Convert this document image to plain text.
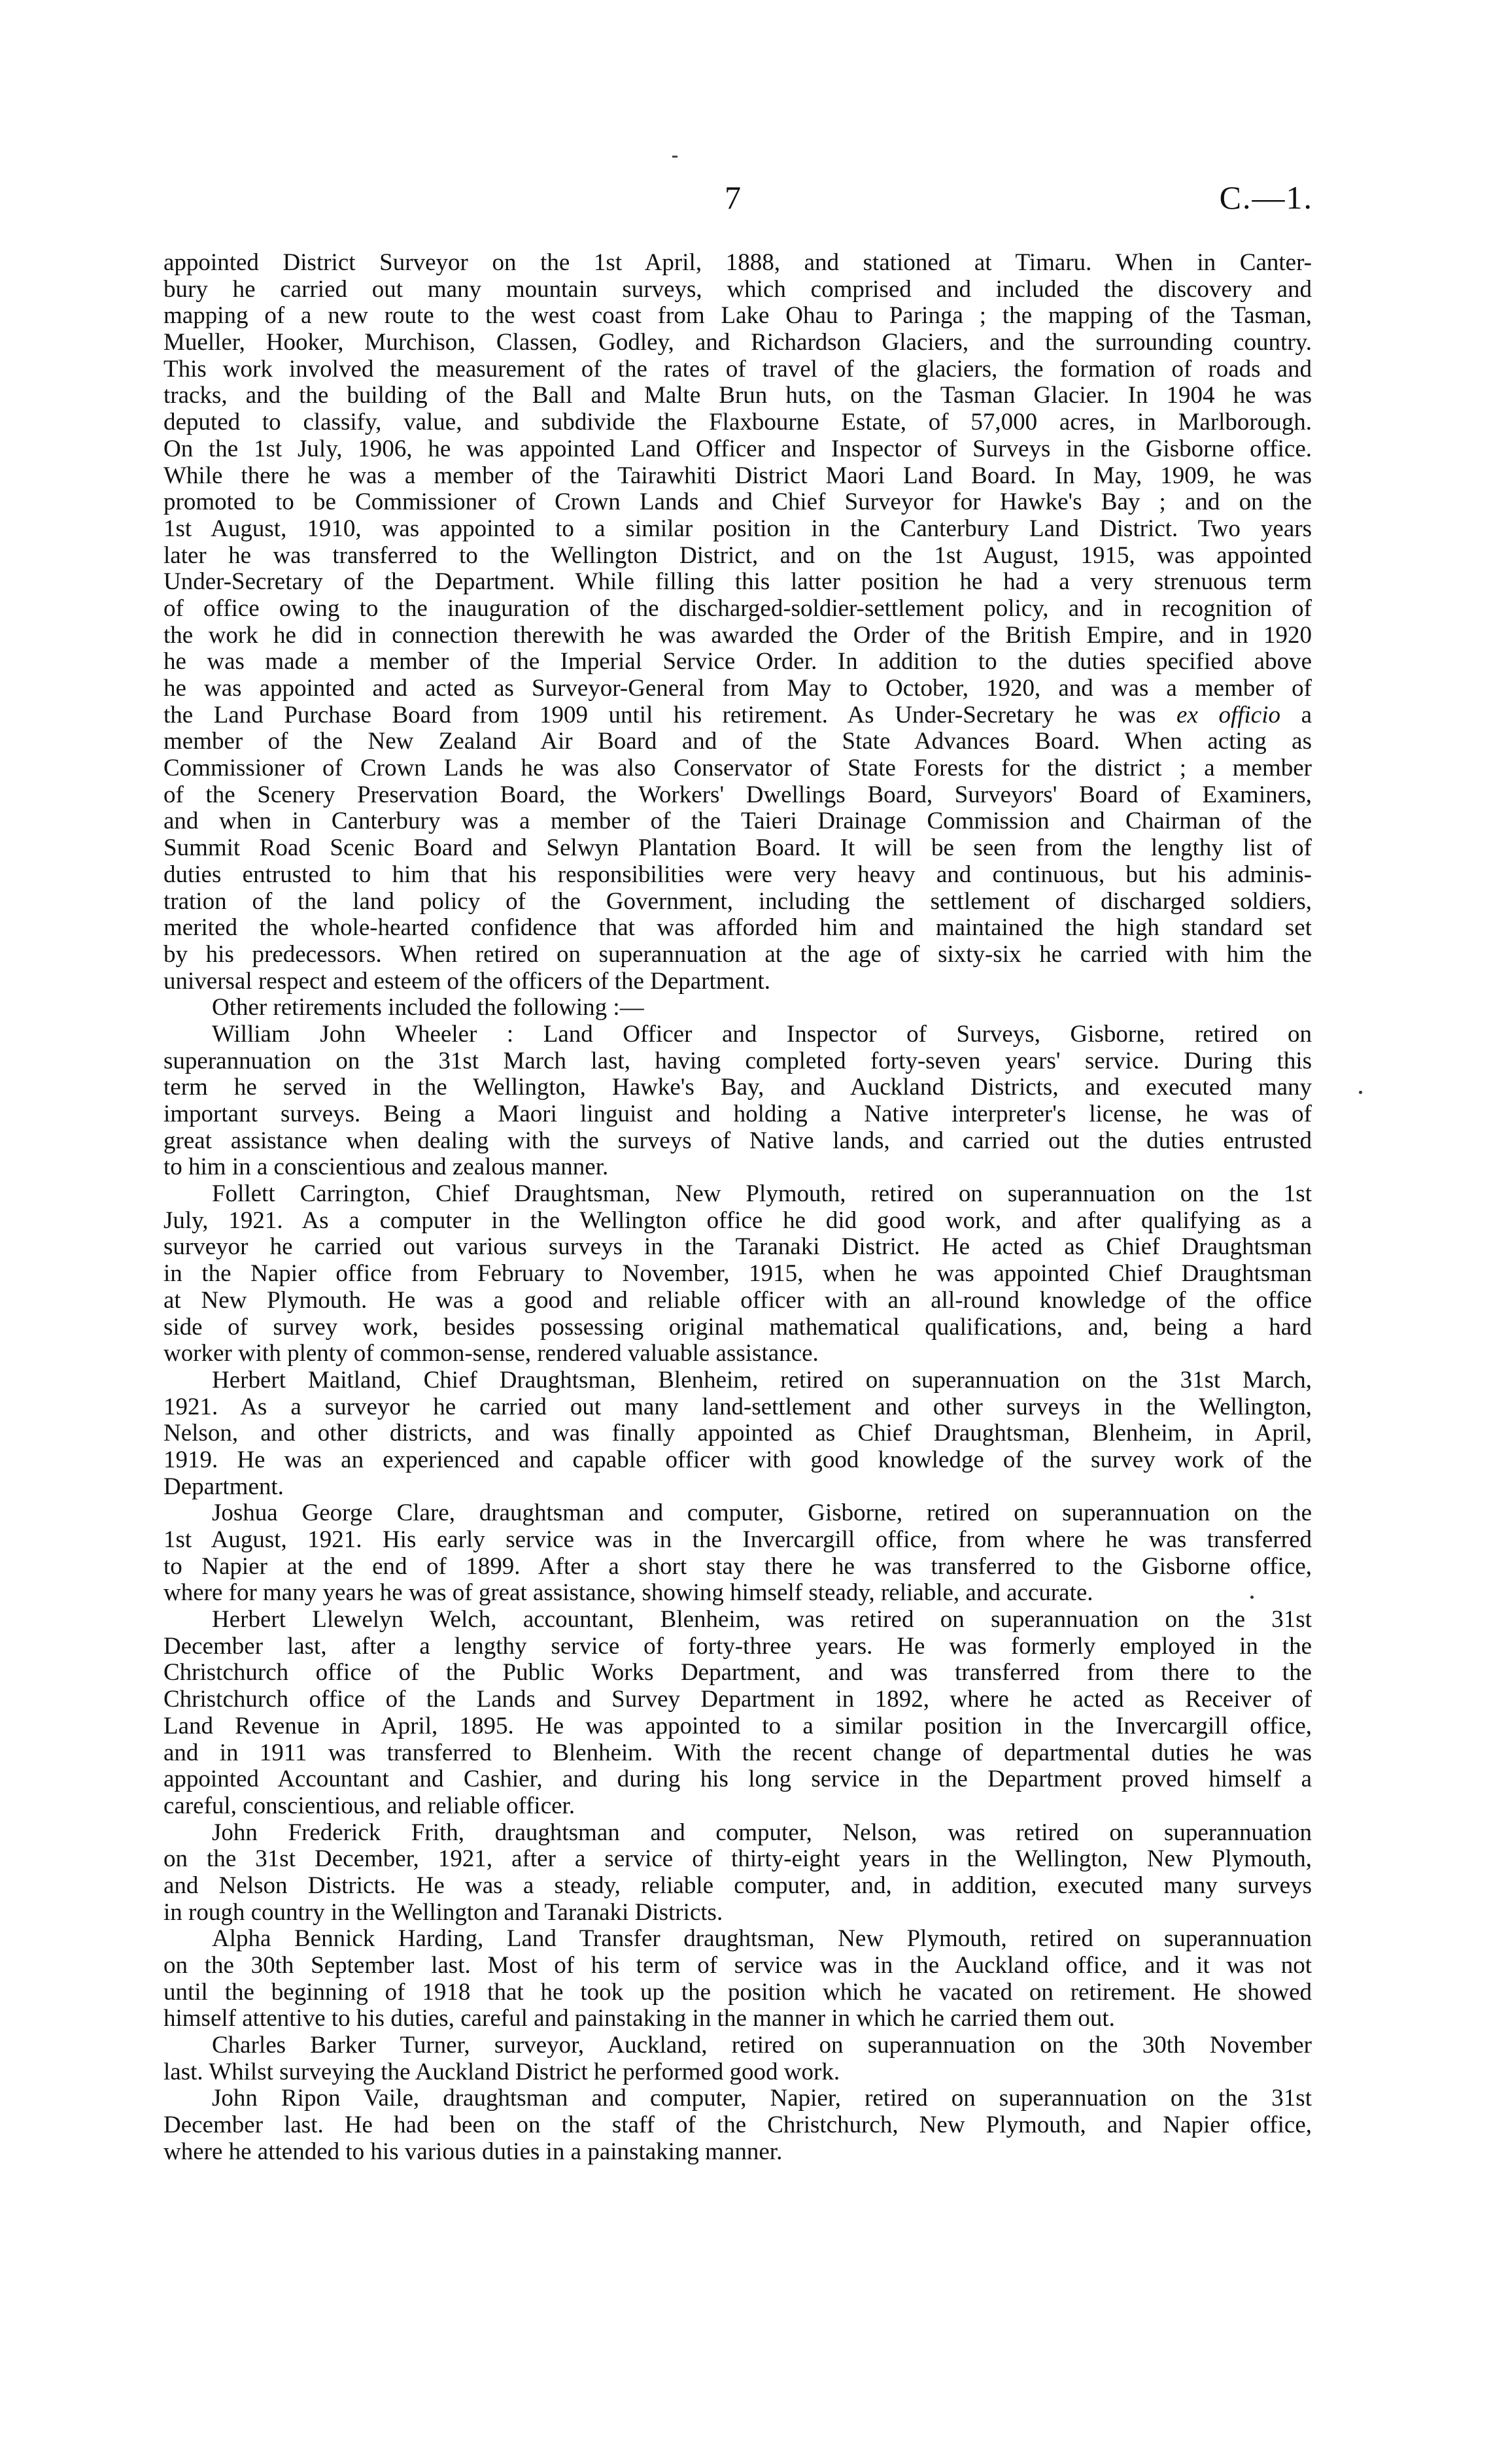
7	C.—1.
appointed District Surveyor on the 1st April, 1888, and stationed at Timaru. When in Canter-
bury he carried out many mountain surveys, which comprised and included the discovery and
mapping of a new route to the west coast from Lake Ohau to Paringa ; the mapping of the Tasman,
Mueller, Hooker, Murchison, Classen, Godley, and Richardson Glaciers, and the surrounding country.
This work involved the measurement of the rates of travel of the glaciers, the formation of roads and
tracks, and the building of the Ball and Malte Brun huts, on the Tasman Glacier. In 1904 he was
deputed to classify, value, and subdivide the Flaxbourne Estate, of 57,000 acres, in Marlborough.
On the 1st July, 1906, he was appointed Land Officer and Inspector of Surveys in the Gisborne office.
While there he was a member of the Tairawhiti District Maori Land Board. In May, 1909, he was
promoted to be Commissioner of Crown Lands and Chief Surveyor for Hawke's Bay ; and on the
1st August, 1910, was appointed to a similar position in the Canterbury Land District. Two years
later he was transferred to the Wellington District, and on the 1st August, 1915, was appointed
Under-Secretary of the Department. While filling this latter position he had a very strenuous term
of office owing to the inauguration of the discharged-soldier-settlement policy, and in recognition of
the work he did in connection therewith he was awarded the Order of the British Empire, and in 1920
he was made a member of the Imperial Service Order. In addition to the duties specified above
he was appointed and acted as Surveyor-General from May to October, 1920, and was a member of
the Land Purchase Board from 1909 until his retirement. As Under-Secretary he was ex officio a
member of the New Zealand Air Board and of the State Advances Board. When acting as
Commissioner of Crown Lands he was also Conservator of State Forests for the district ; a member
of the Scenery Preservation Board, the Workers' Dwellings Board, Surveyors' Board of Examiners,
and when in Canterbury was a member of the Taieri Drainage Commission and Chairman of the
Summit Road Scenic Board and Selwyn Plantation Board. It will be seen from the lengthy list of
duties entrusted to him that his responsibilities were very heavy and continuous, but his adminis-
tration of the land policy of the Government, including the settlement of discharged soldiers,
merited the whole-hearted confidence that was afforded him and maintained the high standard set
by his predecessors. When retired on superannuation at the age of sixty-six he carried with him the
universal respect and esteem of the officers of the Department.
Other retirements included the following :—
William John Wheeler : Land Officer and Inspector of Surveys, Gisborne, retired on
superannuation on the 31st March last, having completed forty-seven years' service. During this
term he served in the Wellington, Hawke's Bay, and Auckland Districts, and executed many
important surveys. Being a Maori linguist and holding a Native interpreter's license, he was of
great assistance when dealing with the surveys of Native lands, and carried out the duties entrusted
to him in a conscientious and zealous manner.
Follett Carrington, Chief Draughtsman, New Plymouth, retired on superannuation on the 1st
July, 1921. As a computer in the Wellington office he did good work, and after qualifying as a
surveyor he carried out various surveys in the Taranaki District. He acted as Chief Draughtsman
in the Napier office from February to November, 1915, when he was appointed Chief Draughtsman
at New Plymouth. He was a good and reliable officer with an all-round knowledge of the office
side of survey work, besides possessing original mathematical qualifications, and, being a hard
worker with plenty of common-sense, rendered valuable assistance.
Herbert Maitland, Chief Draughtsman, Blenheim, retired on superannuation on the 31st March,
1921. As a surveyor he carried out many land-settlement and other surveys in the Wellington,
Nelson, and other districts, and was finally appointed as Chief Draughtsman, Blenheim, in April,
1919. He was an experienced and capable officer with good knowledge of the survey work of the
Department.
Joshua George Clare, draughtsman and computer, Gisborne, retired on superannuation on the
1st August, 1921. His early service was in the Invercargill office, from where he was transferred
to Napier at the end of 1899. After a short stay there he was transferred to the Gisborne office,
where for many years he was of great assistance, showing himself steady, reliable, and accurate.
Herbert Llewelyn Welch, accountant, Blenheim, was retired on superannuation on the 31st
December last, after a lengthy service of forty-three years. He was formerly employed in the
Christchurch office of the Public Works Department, and was transferred from there to the
Christchurch office of the Lands and Survey Department in 1892, where he acted as Receiver of
Land Revenue in April, 1895. He was appointed to a similar position in the Invercargill office,
and in 1911 was transferred to Blenheim. With the recent change of departmental duties he was
appointed Accountant and Cashier, and during his long service in the Department proved himself a
careful, conscientious, and reliable officer.
John Frederick Frith, draughtsman and computer, Nelson, was retired on superannuation
on the 31st December, 1921, after a service of thirty-eight years in the Wellington, New Plymouth,
and Nelson Districts. He was a steady, reliable computer, and, in addition, executed many surveys
in rough country in the Wellington and Taranaki Districts.
Alpha Bennick Harding, Land Transfer draughtsman, New Plymouth, retired on superannuation
on the 30th September last. Most of his term of service was in the Auckland office, and it was not
until the beginning of 1918 that he took up the position which he vacated on retirement. He showed
himself attentive to his duties, careful and painstaking in the manner in which he carried them out.
Charles Barker Turner, surveyor, Auckland, retired on superannuation on the 30th November
last. Whilst surveying the Auckland District he performed good work.
John Ripon Vaile, draughtsman and computer, Napier, retired on superannuation on the 31st
December last. He had been on the staff of the Christchurch, New Plymouth, and Napier office,
where he attended to his various duties in a painstaking manner.
